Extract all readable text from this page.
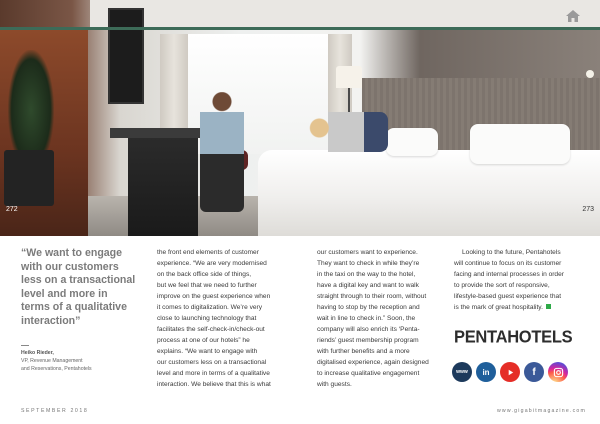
272	273
“We want to engage
with our customers
less on a transactional
level and more in
terms of a qualitative
interaction”

Heiko Rieder,

VP, Revenue Management
and Reservations, Pentahotels

the front end elements of customer
experience. “We are very modernised
on the back office side of things,
but we feel that we need to further
improve on the guest experience when
it comes to digitalization. We’re very
close to launching technology that
facilitates the self-check-in/check-out
process at one of our hotels” he
explains. “We want to engage with
our customers less on a transactional
level and more in terms of a qualitative
interaction. We believe that this is what

our customers want to experience.
They want to check in while they’re
in the taxi on the way to the hotel,
have a digital key and want to walk
straight through to their room, without
having to stop by the reception and
wait in line to check in.” Soon, the
company will also enrich its ‘Penta-
riends’ guest membership program
with further benefits and a more
digitalised experience, again designed
to increase qualitative engagement
with guests.

Looking to the future, Pentahotels
will continue to focus on its customer
facing and internal processes in order
to provide the sort of responsive,
lifestyle-based guest experience that
is the mark of great hospitality.

PENTAHOTELS
www in	f
SEPTEMBER 2018	www.gigabitmagazine.com
